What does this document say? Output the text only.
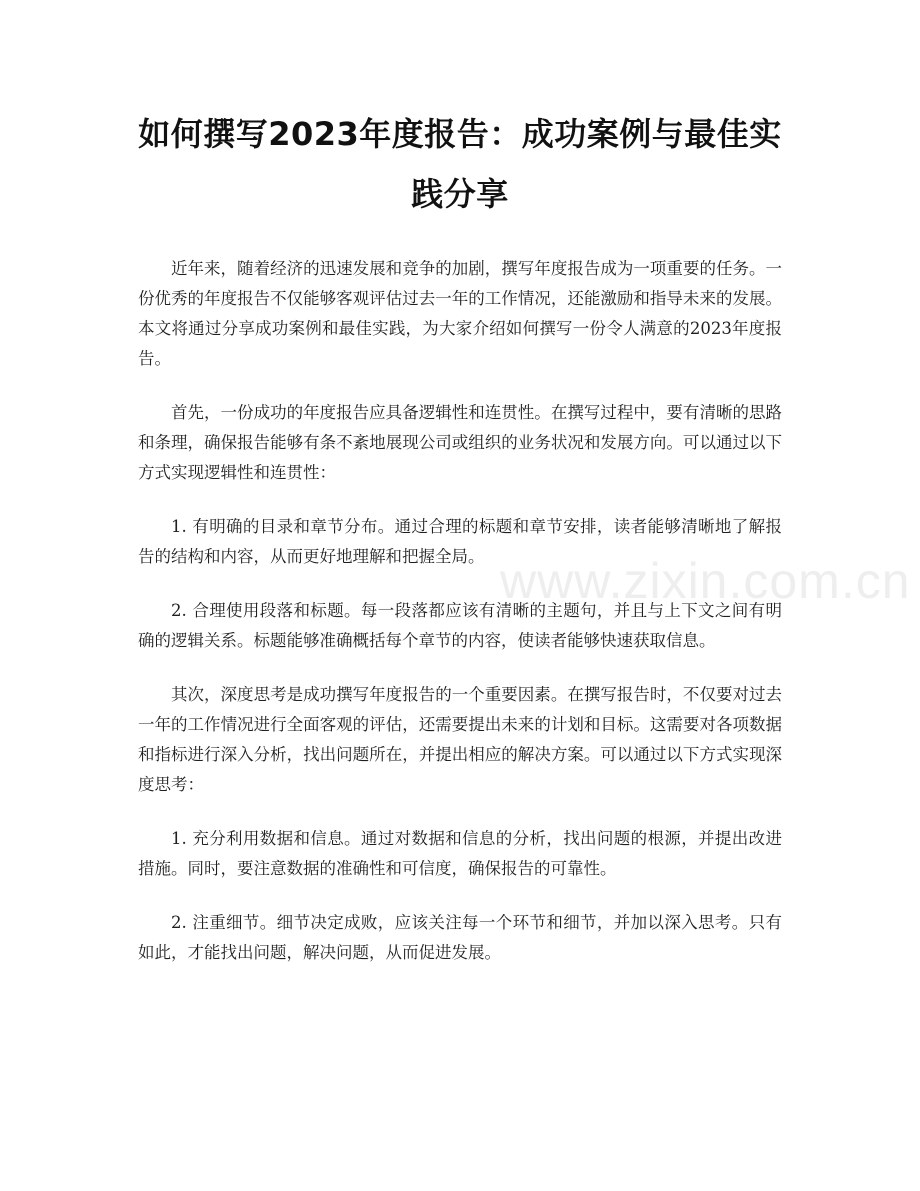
如何撰写2023年度报告：成功案例与最佳实践分享

近年来，随着经济的迅速发展和竞争的加剧，撰写年度报告成为一项重要的任务。一份优秀的年度报告不仅能够客观评估过去一年的工作情况，还能激励和指导未来的发展。本文将通过分享成功案例和最佳实践，为大家介绍如何撰写一份令人满意的2023年度报告。

首先，一份成功的年度报告应具备逻辑性和连贯性。在撰写过程中，要有清晰的思路和条理，确保报告能够有条不紊地展现公司或组织的业务状况和发展方向。可以通过以下方式实现逻辑性和连贯性：

1. 有明确的目录和章节分布。通过合理的标题和章节安排，读者能够清晰地了解报告的结构和内容，从而更好地理解和把握全局。

2. 合理使用段落和标题。每一段落都应该有清晰的主题句，并且与上下文之间有明确的逻辑关系。标题能够准确概括每个章节的内容，使读者能够快速获取信息。

其次，深度思考是成功撰写年度报告的一个重要因素。在撰写报告时，不仅要对过去一年的工作情况进行全面客观的评估，还需要提出未来的计划和目标。这需要对各项数据和指标进行深入分析，找出问题所在，并提出相应的解决方案。可以通过以下方式实现深度思考：

1. 充分利用数据和信息。通过对数据和信息的分析，找出问题的根源，并提出改进措施。同时，要注意数据的准确性和可信度，确保报告的可靠性。

2. 注重细节。细节决定成败，应该关注每一个环节和细节，并加以深入思考。只有如此，才能找出问题，解决问题，从而促进发展。

www.zixin.com.cn
